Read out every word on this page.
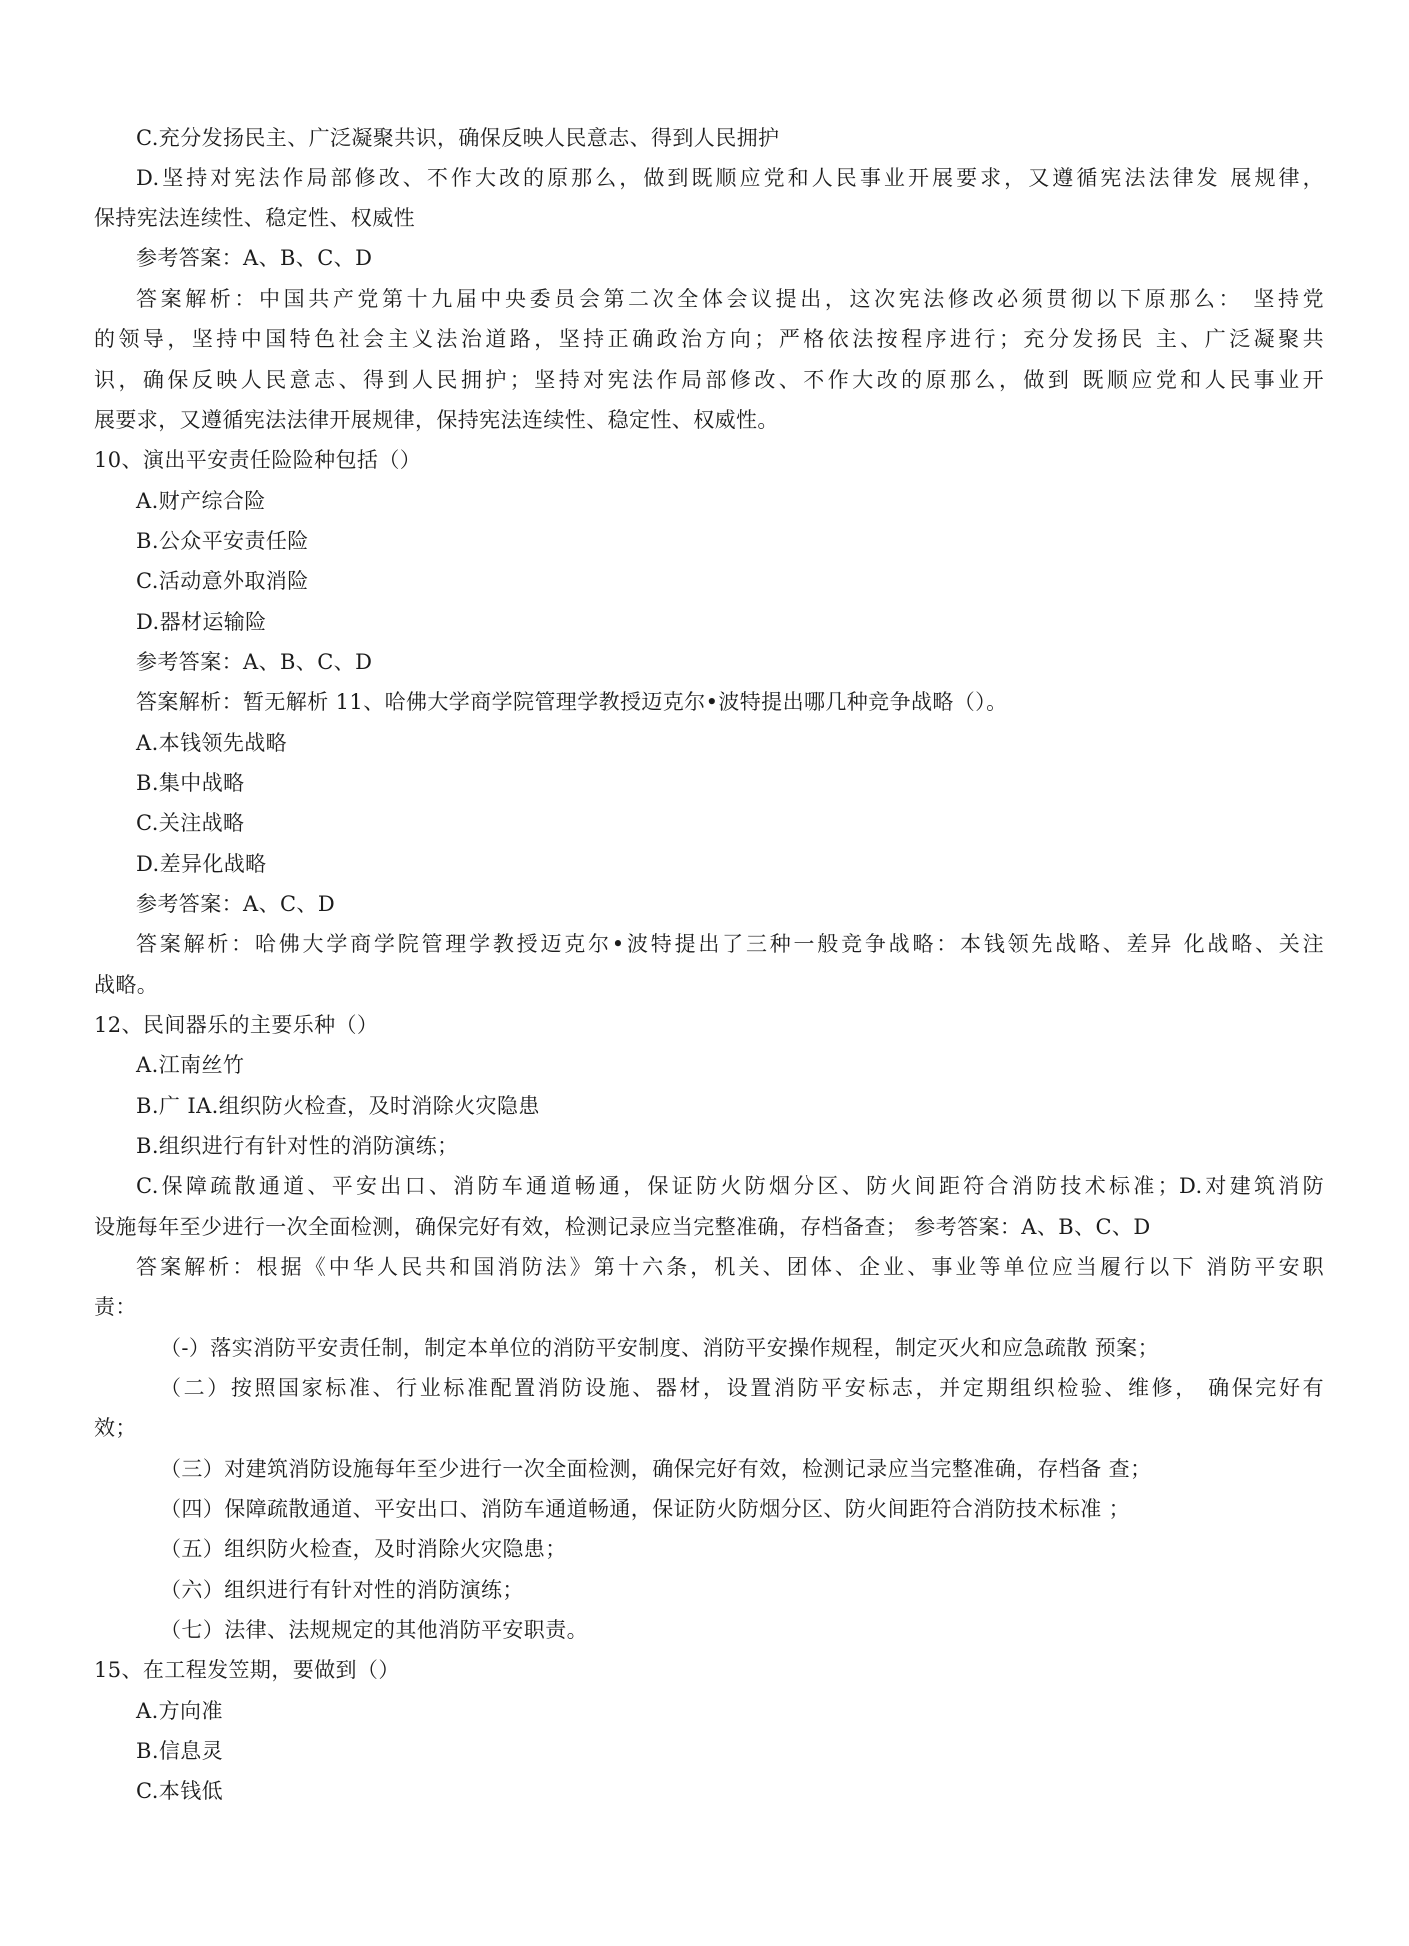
C.充分发扬民主、广泛凝聚共识，确保反映人民意志、得到人民拥护
D.坚持对宪法作局部修改、不作大改的原那么，做到既顺应党和人民事业开展要求，又遵循宪法法律发 展规律，
保持宪法连续性、稳定性、权威性
参考答案：A、B、C、D
答案解析：中国共产党第十九届中央委员会第二次全体会议提出，这次宪法修改必须贯彻以下原那么： 坚持党
的领导，坚持中国特色社会主义法治道路，坚持正确政治方向；严格依法按程序进行；充分发扬民 主、广泛凝聚共
识，确保反映人民意志、得到人民拥护；坚持对宪法作局部修改、不作大改的原那么，做到 既顺应党和人民事业开
展要求，又遵循宪法法律开展规律，保持宪法连续性、稳定性、权威性。
10、演出平安责任险险种包括（）
A.财产综合险
B.公众平安责任险
C.活动意外取消险
D.器材运输险
参考答案：A、B、C、D
答案解析：暂无解析 11、哈佛大学商学院管理学教授迈克尔•波特提出哪几种竞争战略（）。
A.本钱领先战略
B.集中战略
C.关注战略
D.差异化战略
参考答案：A、C、D
答案解析：哈佛大学商学院管理学教授迈克尔•波特提出了三种一般竞争战略：本钱领先战略、差异 化战略、关注
战略。
12、民间器乐的主要乐种（）
A.江南丝竹
B.广 IA.组织防火检查，及时消除火灾隐患
B.组织进行有针对性的消防演练；
C.保障疏散通道、平安出口、消防车通道畅通，保证防火防烟分区、防火间距符合消防技术标准；D.对建筑消防
设施每年至少进行一次全面检测，确保完好有效，检测记录应当完整准确，存档备查； 参考答案：A、B、C、D
答案解析：根据《中华人民共和国消防法》第十六条，机关、团体、企业、事业等单位应当履行以下 消防平安职
责：
（-）落实消防平安责任制，制定本单位的消防平安制度、消防平安操作规程，制定灭火和应急疏散 预案；
（二）按照国家标准、行业标准配置消防设施、器材，设置消防平安标志，并定期组织检验、维修， 确保完好有
效；
（三）对建筑消防设施每年至少进行一次全面检测，确保完好有效，检测记录应当完整准确，存档备 查；
（四）保障疏散通道、平安出口、消防车通道畅通，保证防火防烟分区、防火间距符合消防技术标准 ；
（五）组织防火检查，及时消除火灾隐患；
（六）组织进行有针对性的消防演练；
（七）法律、法规规定的其他消防平安职责。
15、在工程发笠期，要做到（）
A.方向准
B.信息灵
C.本钱低
